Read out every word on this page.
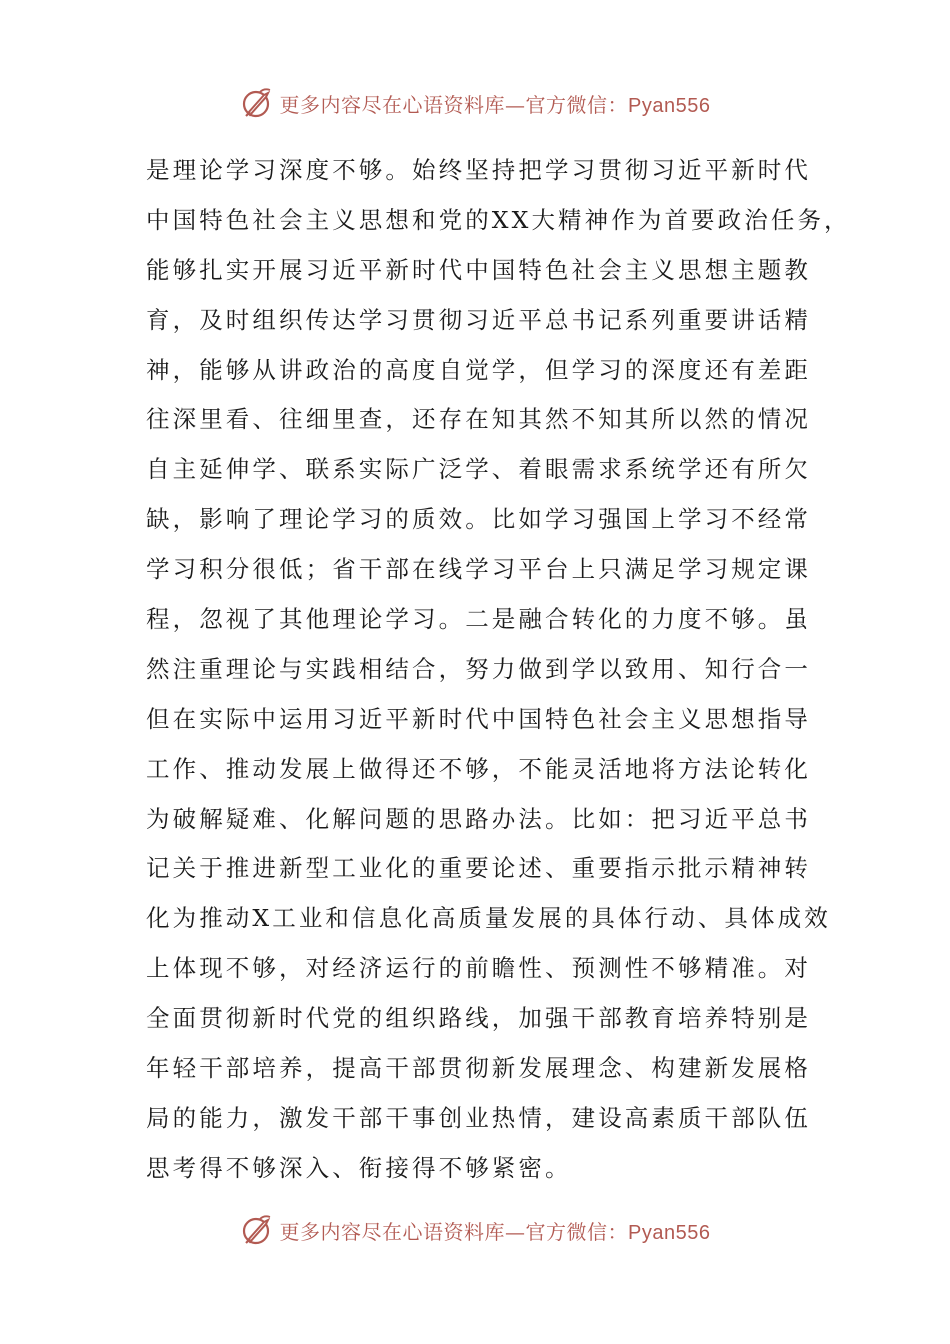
更多内容尽在心语资料库—官方微信：Pyan556
是理论学习深度不够。始终坚持把学习贯彻习近平新时代
中国特色社会主义思想和党的XX大精神作为首要政治任务，
能够扎实开展习近平新时代中国特色社会主义思想主题教
育，及时组织传达学习贯彻习近平总书记系列重要讲话精
神，能够从讲政治的高度自觉学，但学习的深度还有差距
往深里看、往细里查，还存在知其然不知其所以然的情况
自主延伸学、联系实际广泛学、着眼需求系统学还有所欠
缺，影响了理论学习的质效。比如学习强国上学习不经常
学习积分很低；省干部在线学习平台上只满足学习规定课
程，忽视了其他理论学习。二是融合转化的力度不够。虽
然注重理论与实践相结合，努力做到学以致用、知行合一
但在实际中运用习近平新时代中国特色社会主义思想指导
工作、推动发展上做得还不够，不能灵活地将方法论转化
为破解疑难、化解问题的思路办法。比如：把习近平总书
记关于推进新型工业化的重要论述、重要指示批示精神转
化为推动X工业和信息化高质量发展的具体行动、具体成效
上体现不够，对经济运行的前瞻性、预测性不够精准。对
全面贯彻新时代党的组织路线，加强干部教育培养特别是
年轻干部培养，提高干部贯彻新发展理念、构建新发展格
局的能力，激发干部干事创业热情，建设高素质干部队伍
思考得不够深入、衔接得不够紧密。
更多内容尽在心语资料库—官方微信：Pyan556
